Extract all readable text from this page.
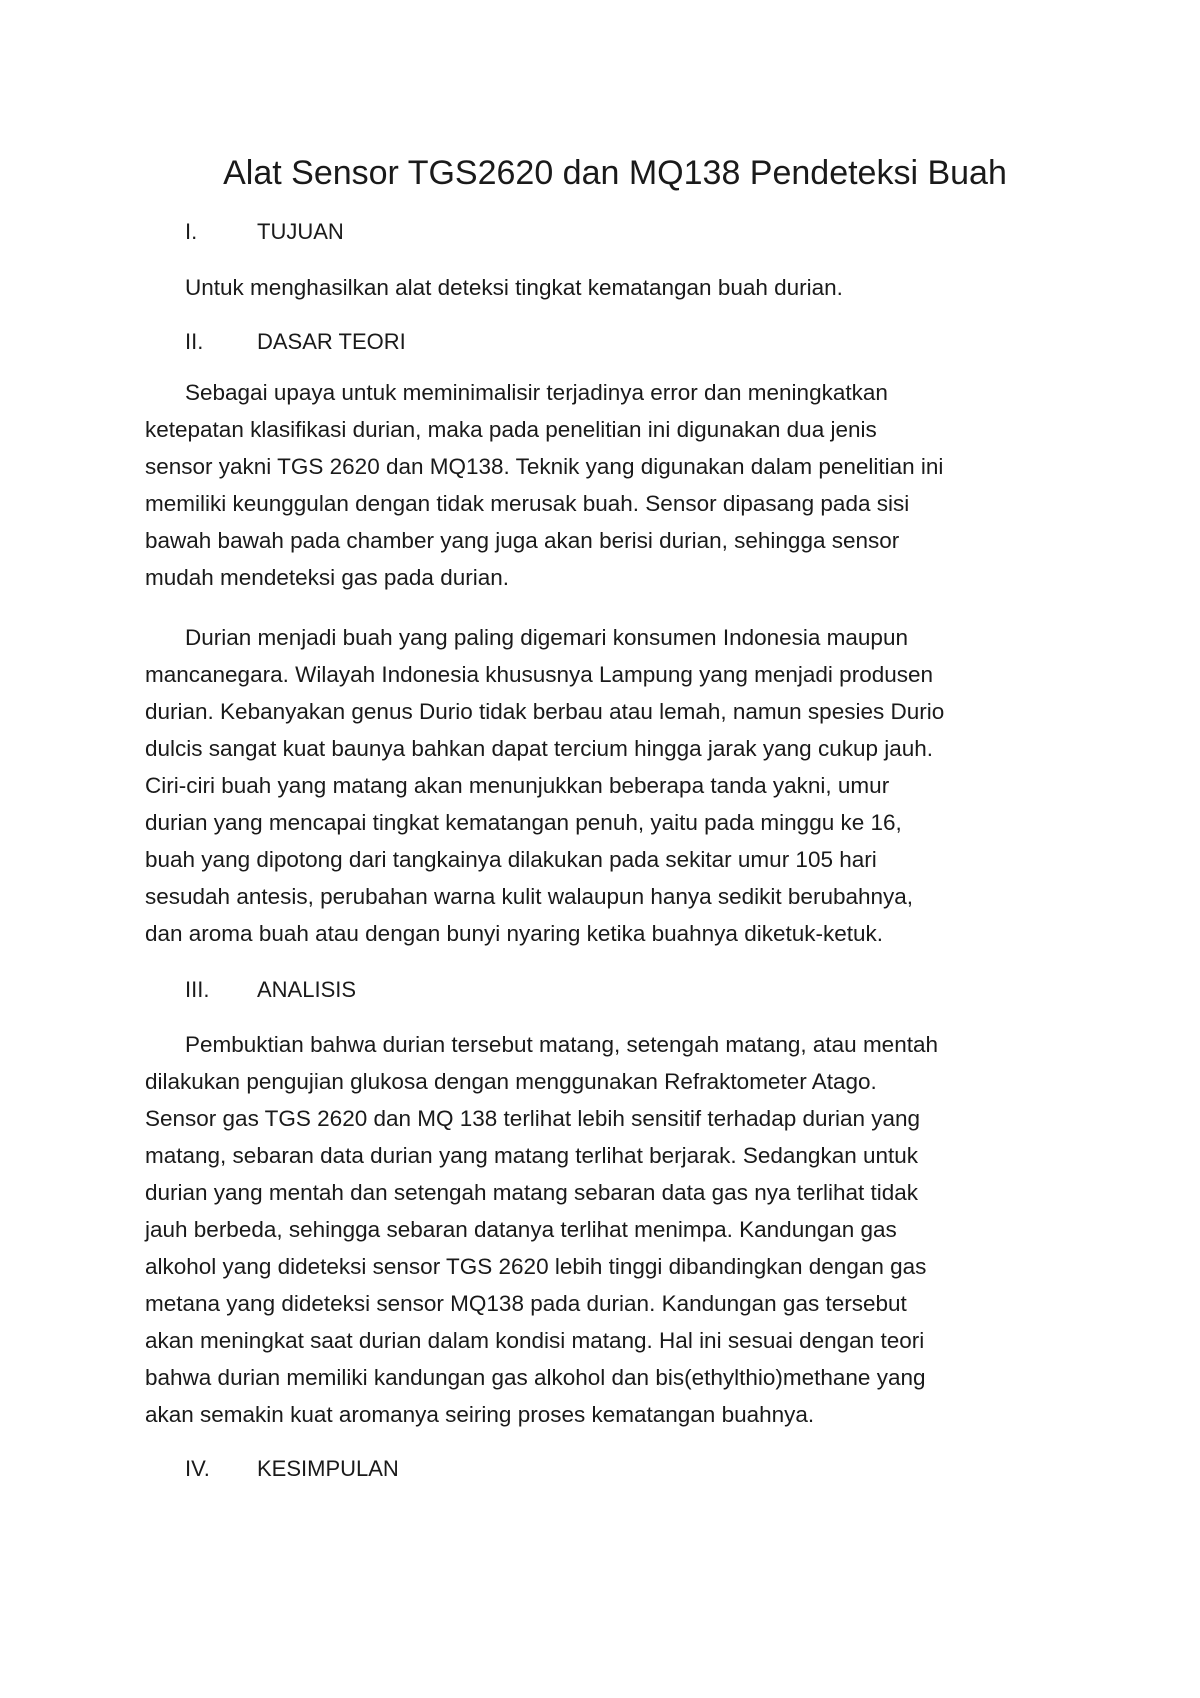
Alat Sensor TGS2620 dan MQ138 Pendeteksi Buah
I.	TUJUAN

Untuk menghasilkan alat deteksi tingkat kematangan buah durian.

II. DASAR TEORI
Sebagai upaya untuk meminimalisir terjadinya error dan meningkatkan
ketepatan klasifikasi durian, maka pada penelitian ini digunakan dua jenis
sensor yakni TGS 2620 dan MQ138. Teknik yang digunakan dalam penelitian ini
memiliki keunggulan dengan tidak merusak buah. Sensor dipasang pada sisi
bawah bawah pada chamber yang juga akan berisi durian, sehingga sensor
mudah mendeteksi gas pada durian.
Durian menjadi buah yang paling digemari konsumen Indonesia maupun
mancanegara. Wilayah Indonesia khususnya Lampung yang menjadi produsen
durian. Kebanyakan genus Durio tidak berbau atau lemah, namun spesies Durio
dulcis sangat kuat baunya bahkan dapat tercium hingga jarak yang cukup jauh.
Ciri-ciri buah yang matang akan menunjukkan beberapa tanda yakni, umur
durian yang mencapai tingkat kematangan penuh, yaitu pada minggu ke 16,
buah yang dipotong dari tangkainya dilakukan pada sekitar umur 105 hari
sesudah antesis, perubahan warna kulit walaupun hanya sedikit berubahnya,
dan aroma buah atau dengan bunyi nyaring ketika buahnya diketuk-ketuk.
III. ANALISIS
Pembuktian bahwa durian tersebut matang, setengah matang, atau mentah
dilakukan pengujian glukosa dengan menggunakan Refraktometer Atago.
Sensor gas TGS 2620 dan MQ 138 terlihat lebih sensitif terhadap durian yang
matang, sebaran data durian yang matang terlihat berjarak. Sedangkan untuk
durian yang mentah dan setengah matang sebaran data gas nya terlihat tidak
jauh berbeda, sehingga sebaran datanya terlihat menimpa. Kandungan gas
alkohol yang dideteksi sensor TGS 2620 lebih tinggi dibandingkan dengan gas
metana yang dideteksi sensor MQ138 pada durian. Kandungan gas tersebut
akan meningkat saat durian dalam kondisi matang. Hal ini sesuai dengan teori
bahwa durian memiliki kandungan gas alkohol dan bis(ethylthio)methane yang
akan semakin kuat aromanya seiring proses kematangan buahnya.
IV. KESIMPULAN
